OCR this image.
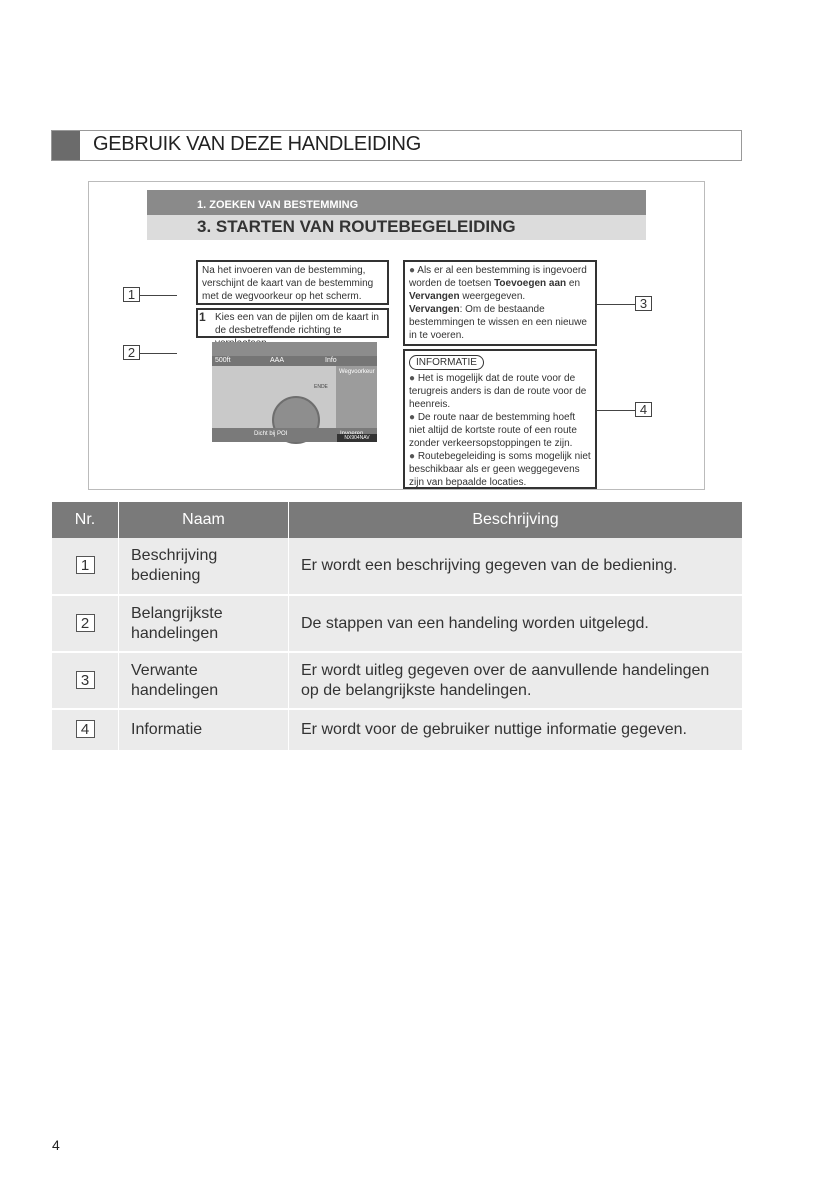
GEBRUIK VAN DEZE HANDLEIDING
1. ZOEKEN VAN BESTEMMING
3. STARTEN VAN ROUTEBEGELEIDING
1
2
3
4
Na het invoeren van de bestemming, verschijnt de kaart van de bestemming met de wegvoorkeur op het scherm.
1 Kies een van de pijlen om de kaart in de desbetreffende richting te
500ft	AAA	Info
ENDE
Wegvoorkeur
Dicht bij POI
NX904NAV
● Als er al een bestemming is ingevoerd worden de toetsen Toevoegen aan en Vervangen weergegeven.
Vervangen: Om de bestaande bestemmingen te wissen en een nieuwe in te voeren.
INFORMATIE
● Het is mogelijk dat de route voor de terugreis anders is dan de route voor de heenreis.
● De route naar de bestemming hoeft niet altijd de kortste route of een route zonder verkeersopstoppingen te zijn.
● Routebegeleiding is soms mogelijk niet beschikbaar als er geen weggegevens zijn van bepaalde locaties.
Nr.	Naam	Beschrijving
1	Beschrijving bediening	Er wordt een beschrijving gegeven van de bediening.
2	Belangrijkste handelingen	De stappen van een handeling worden uitgelegd.
3	Verwante handelingen	Er wordt uitleg gegeven over de aanvullende handelingen op de belangrijkste handelingen.
4	Informatie	Er wordt voor de gebruiker nuttige informatie gegeven.
4
